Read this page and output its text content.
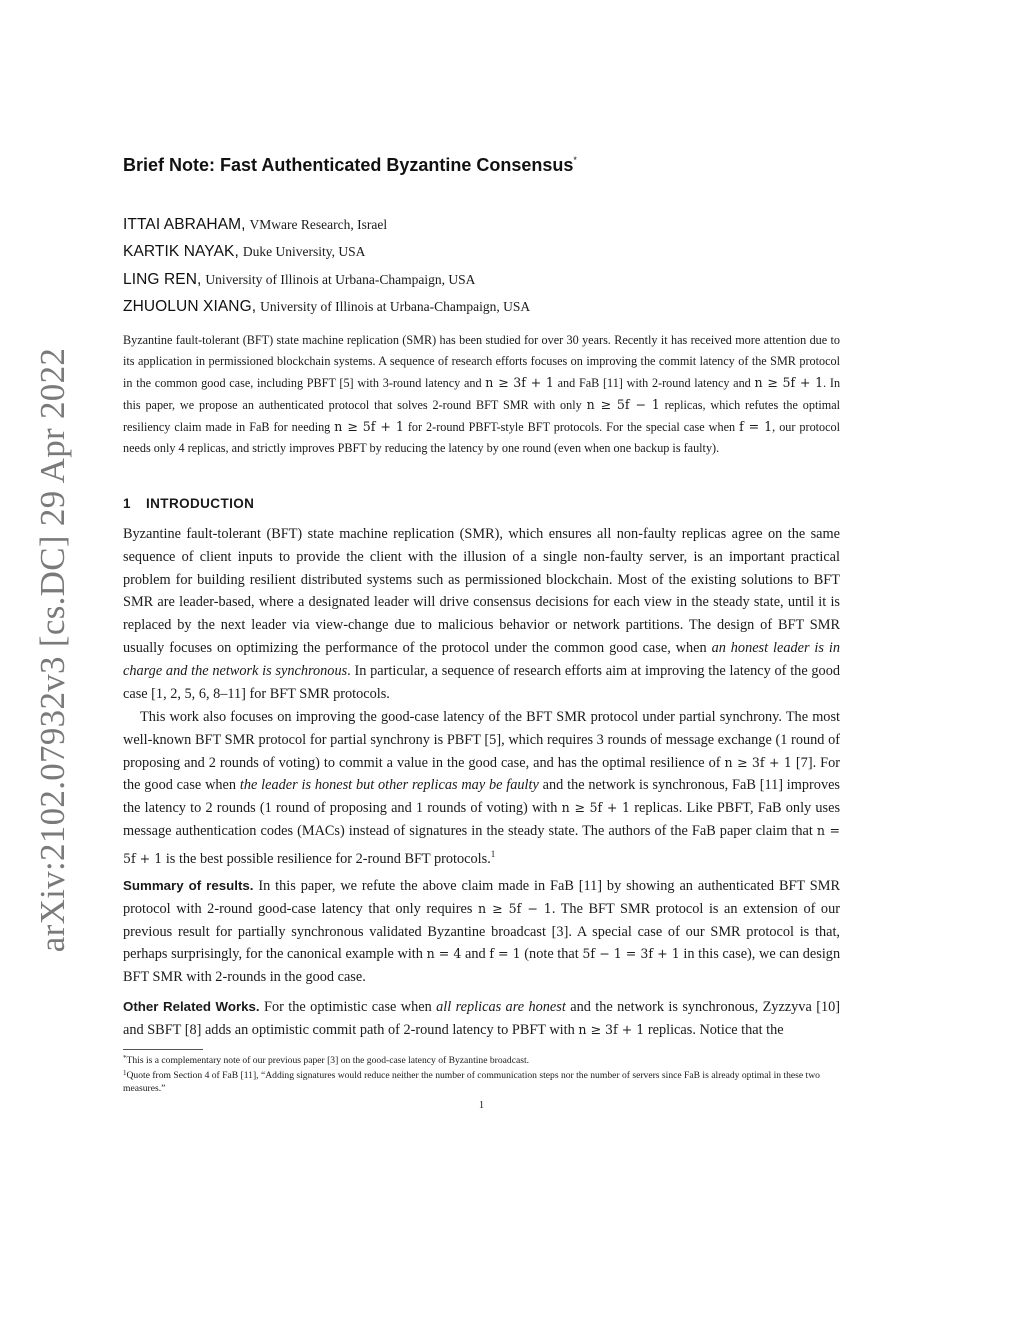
arXiv:2102.07932v3 [cs.DC] 29 Apr 2022
Brief Note: Fast Authenticated Byzantine Consensus*
ITTAI ABRAHAM, VMware Research, Israel
KARTIK NAYAK, Duke University, USA
LING REN, University of Illinois at Urbana-Champaign, USA
ZHUOLUN XIANG, University of Illinois at Urbana-Champaign, USA
Byzantine fault-tolerant (BFT) state machine replication (SMR) has been studied for over 30 years. Recently it has received more attention due to its application in permissioned blockchain systems. A sequence of research efforts focuses on improving the commit latency of the SMR protocol in the common good case, including PBFT [5] with 3-round latency and n ≥ 3f + 1 and FaB [11] with 2-round latency and n ≥ 5f + 1. In this paper, we propose an authenticated protocol that solves 2-round BFT SMR with only n ≥ 5f − 1 replicas, which refutes the optimal resiliency claim made in FaB for needing n ≥ 5f + 1 for 2-round PBFT-style BFT protocols. For the special case when f = 1, our protocol needs only 4 replicas, and strictly improves PBFT by reducing the latency by one round (even when one backup is faulty).
1 INTRODUCTION
Byzantine fault-tolerant (BFT) state machine replication (SMR), which ensures all non-faulty replicas agree on the same sequence of client inputs to provide the client with the illusion of a single non-faulty server, is an important practical problem for building resilient distributed systems such as permissioned blockchain. Most of the existing solutions to BFT SMR are leader-based, where a designated leader will drive consensus decisions for each view in the steady state, until it is replaced by the next leader via view-change due to malicious behavior or network partitions. The design of BFT SMR usually focuses on optimizing the performance of the protocol under the common good case, when an honest leader is in charge and the network is synchronous. In particular, a sequence of research efforts aim at improving the latency of the good case [1, 2, 5, 6, 8–11] for BFT SMR protocols.
This work also focuses on improving the good-case latency of the BFT SMR protocol under partial synchrony. The most well-known BFT SMR protocol for partial synchrony is PBFT [5], which requires 3 rounds of message exchange (1 round of proposing and 2 rounds of voting) to commit a value in the good case, and has the optimal resilience of n ≥ 3f + 1 [7]. For the good case when the leader is honest but other replicas may be faulty and the network is synchronous, FaB [11] improves the latency to 2 rounds (1 round of proposing and 1 rounds of voting) with n ≥ 5f + 1 replicas. Like PBFT, FaB only uses message authentication codes (MACs) instead of signatures in the steady state. The authors of the FaB paper claim that n = 5f + 1 is the best possible resilience for 2-round BFT protocols.$^1$
Summary of results. In this paper, we refute the above claim made in FaB [11] by showing an authenticated BFT SMR protocol with 2-round good-case latency that only requires n ≥ 5f − 1. The BFT SMR protocol is an extension of our previous result for partially synchronous validated Byzantine broadcast [3]. A special case of our SMR protocol is that, perhaps surprisingly, for the canonical example with n = 4 and f = 1 (note that 5f − 1 = 3f + 1 in this case), we can design BFT SMR with 2-rounds in the good case.
Other Related Works. For the optimistic case when all replicas are honest and the network is synchronous, Zyzzyva [10] and SBFT [8] adds an optimistic commit path of 2-round latency to PBFT with n ≥ 3f + 1 replicas. Notice that the
*This is a complementary note of our previous paper [3] on the good-case latency of Byzantine broadcast.
$^1$Quote from Section 4 of FaB [11], “Adding signatures would reduce neither the number of communication steps nor the number of servers since FaB is already optimal in these two measures.”
1
